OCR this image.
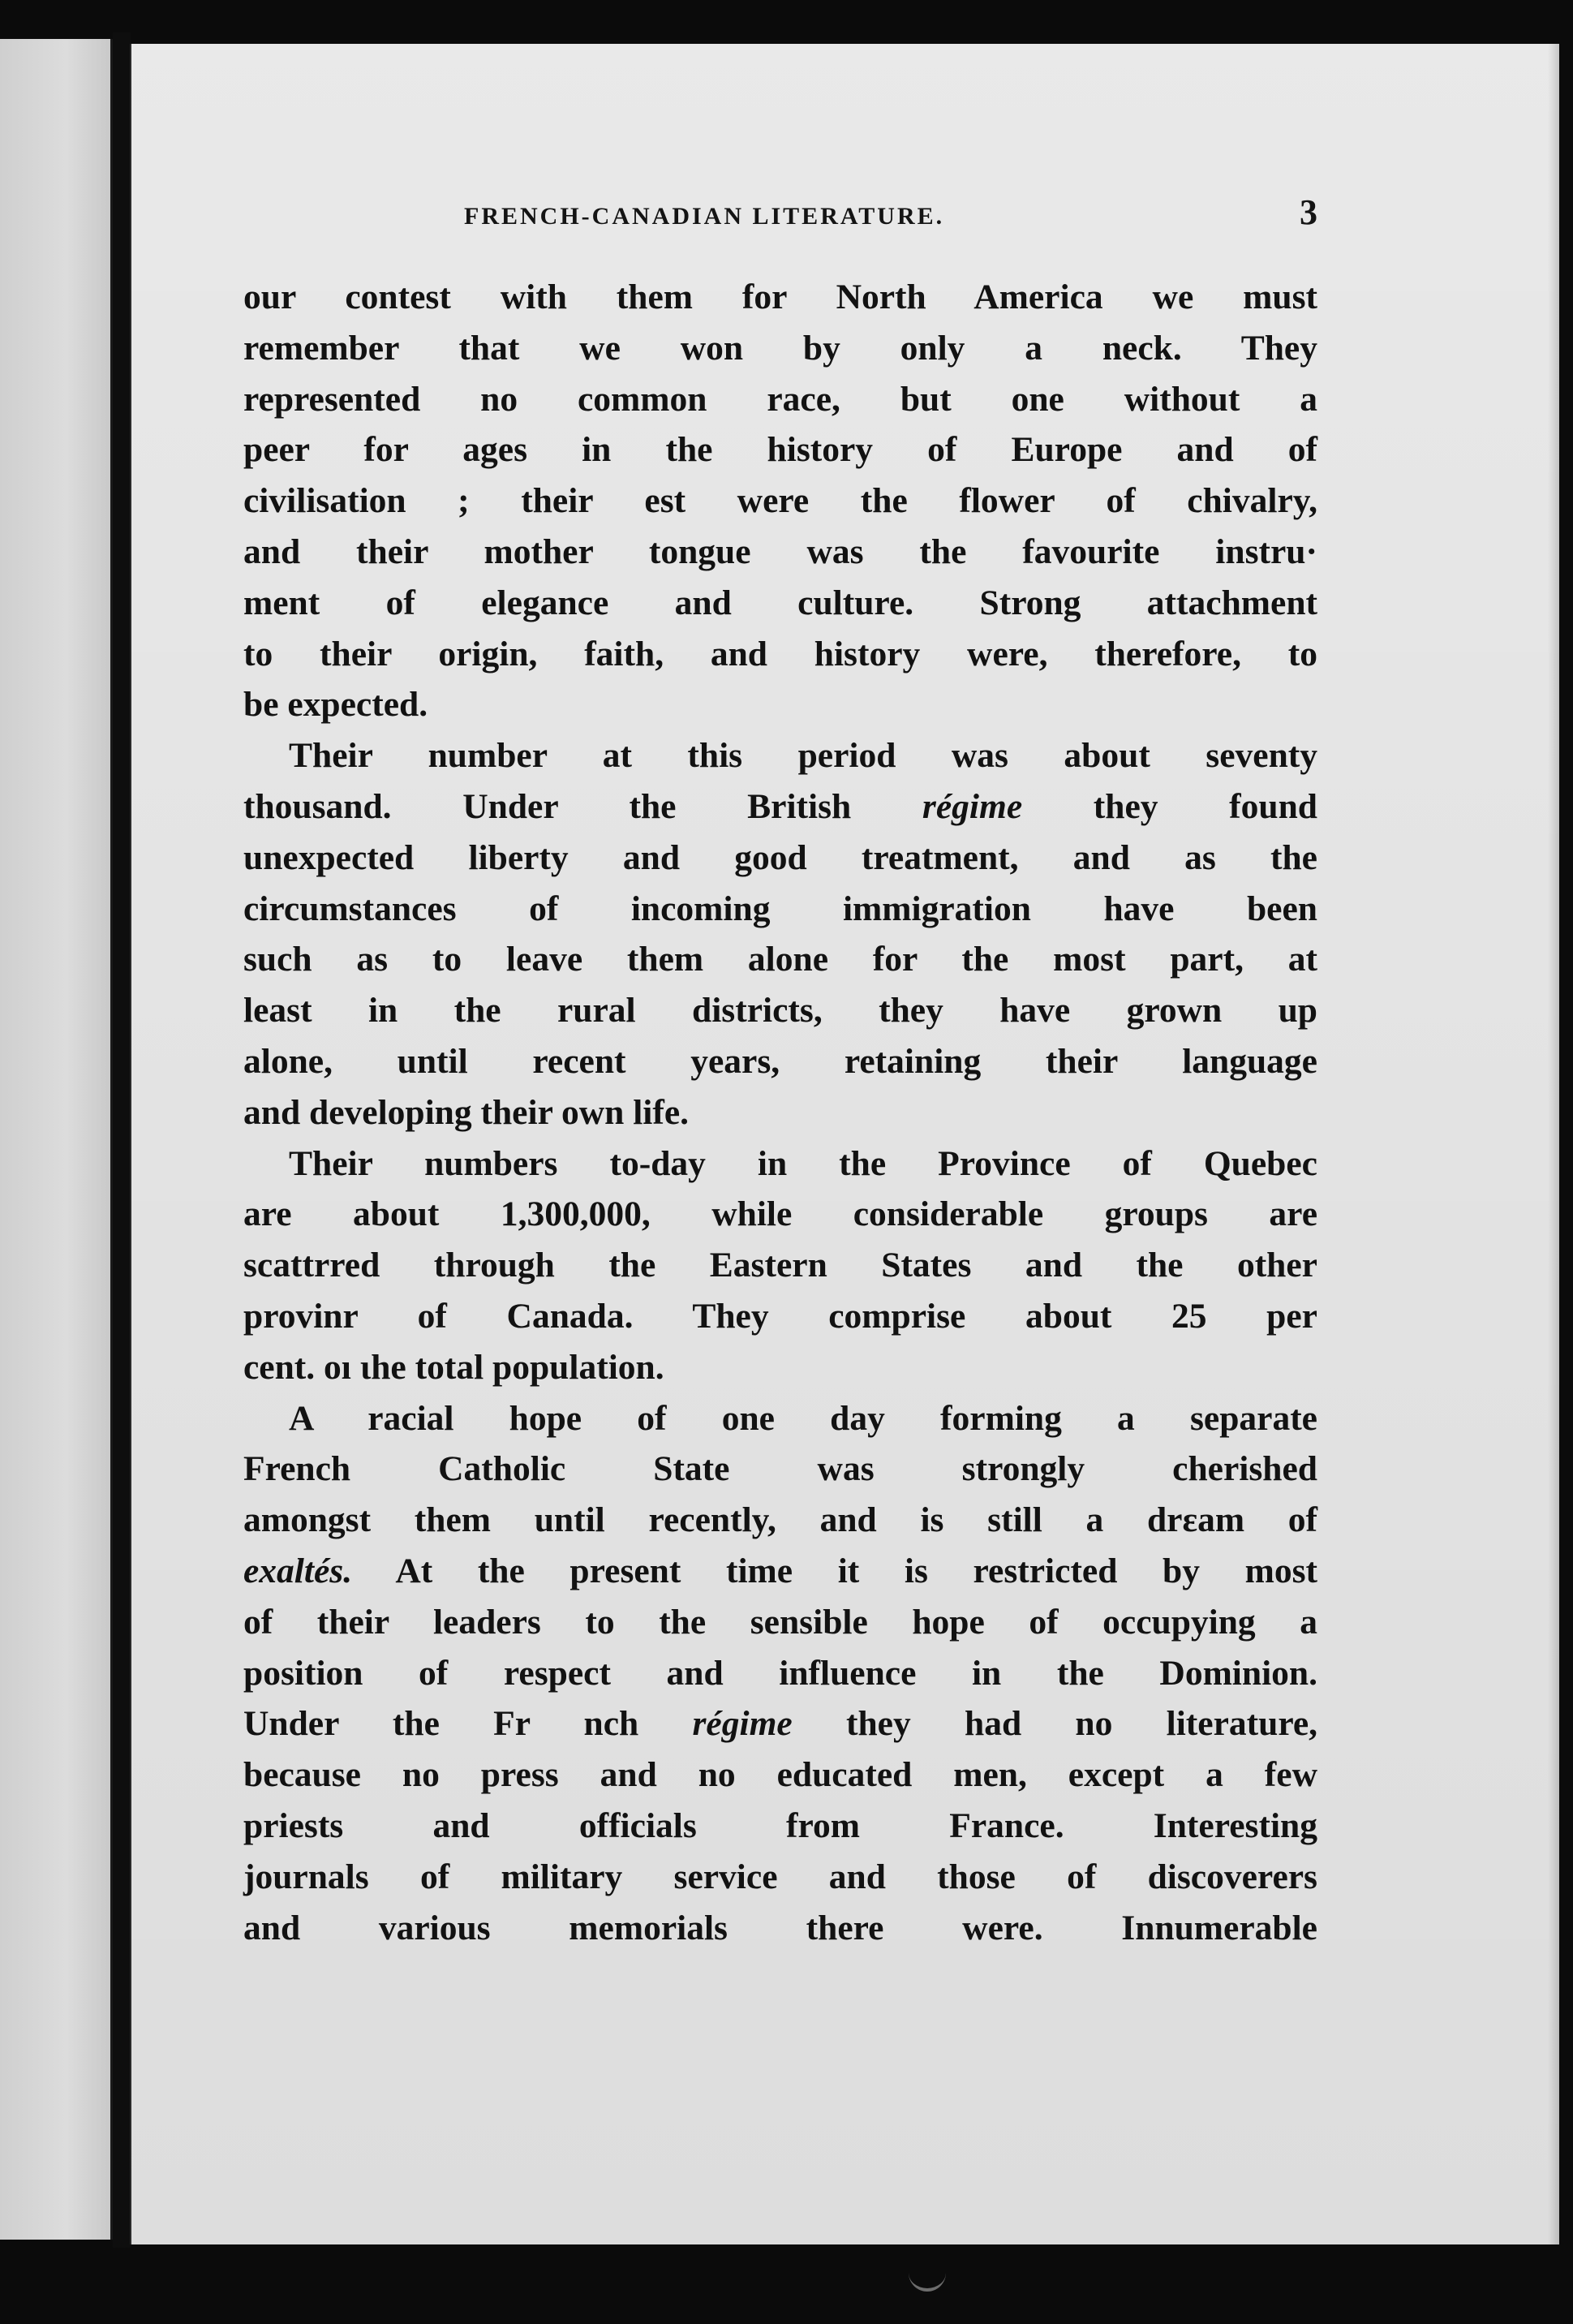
FRENCH-CANADIAN LITERATURE.	3
our contest with them for North America we must
remember that we won by only a neck. They
represented no common race, but one without a
peer for ages in the history of Europe and of
civilisation ; their est were the flower of chivalry,
and their mother tongue was the favourite instru·
ment of elegance and culture. Strong attachment
to their origin, faith, and history were, therefore, to
be expected.
Their number at this period was about seventy
thousand. Under the British régime they found
unexpected liberty and good treatment, and as the
circumstances of incoming immigration have been
such as to leave them alone for the most part, at
least in the rural districts, they have grown up
alone, until recent years, retaining their language
and developing their own life.
Their numbers to-day in the Province of Quebec
are about 1,300,000, while considerable groups are
scattrred through the Eastern States and the other
provinr of Canada. They comprise about 25 per
cent. oı ιhe total population.
A racial hope of one day forming a separate
French Catholic State was strongly cherished
amongst them until recently, and is still a drεam of
exaltés. At the present time it is restricted by most
of their leaders to the sensible hope of occupying a
position of respect and influence in the Dominion.
Under the Fr nch régime they had no literature,
because no press and no educated men, except a few
priests and officials from France. Interesting
journals of military service and those of discoverers
and various memorials there were. Innumerable
